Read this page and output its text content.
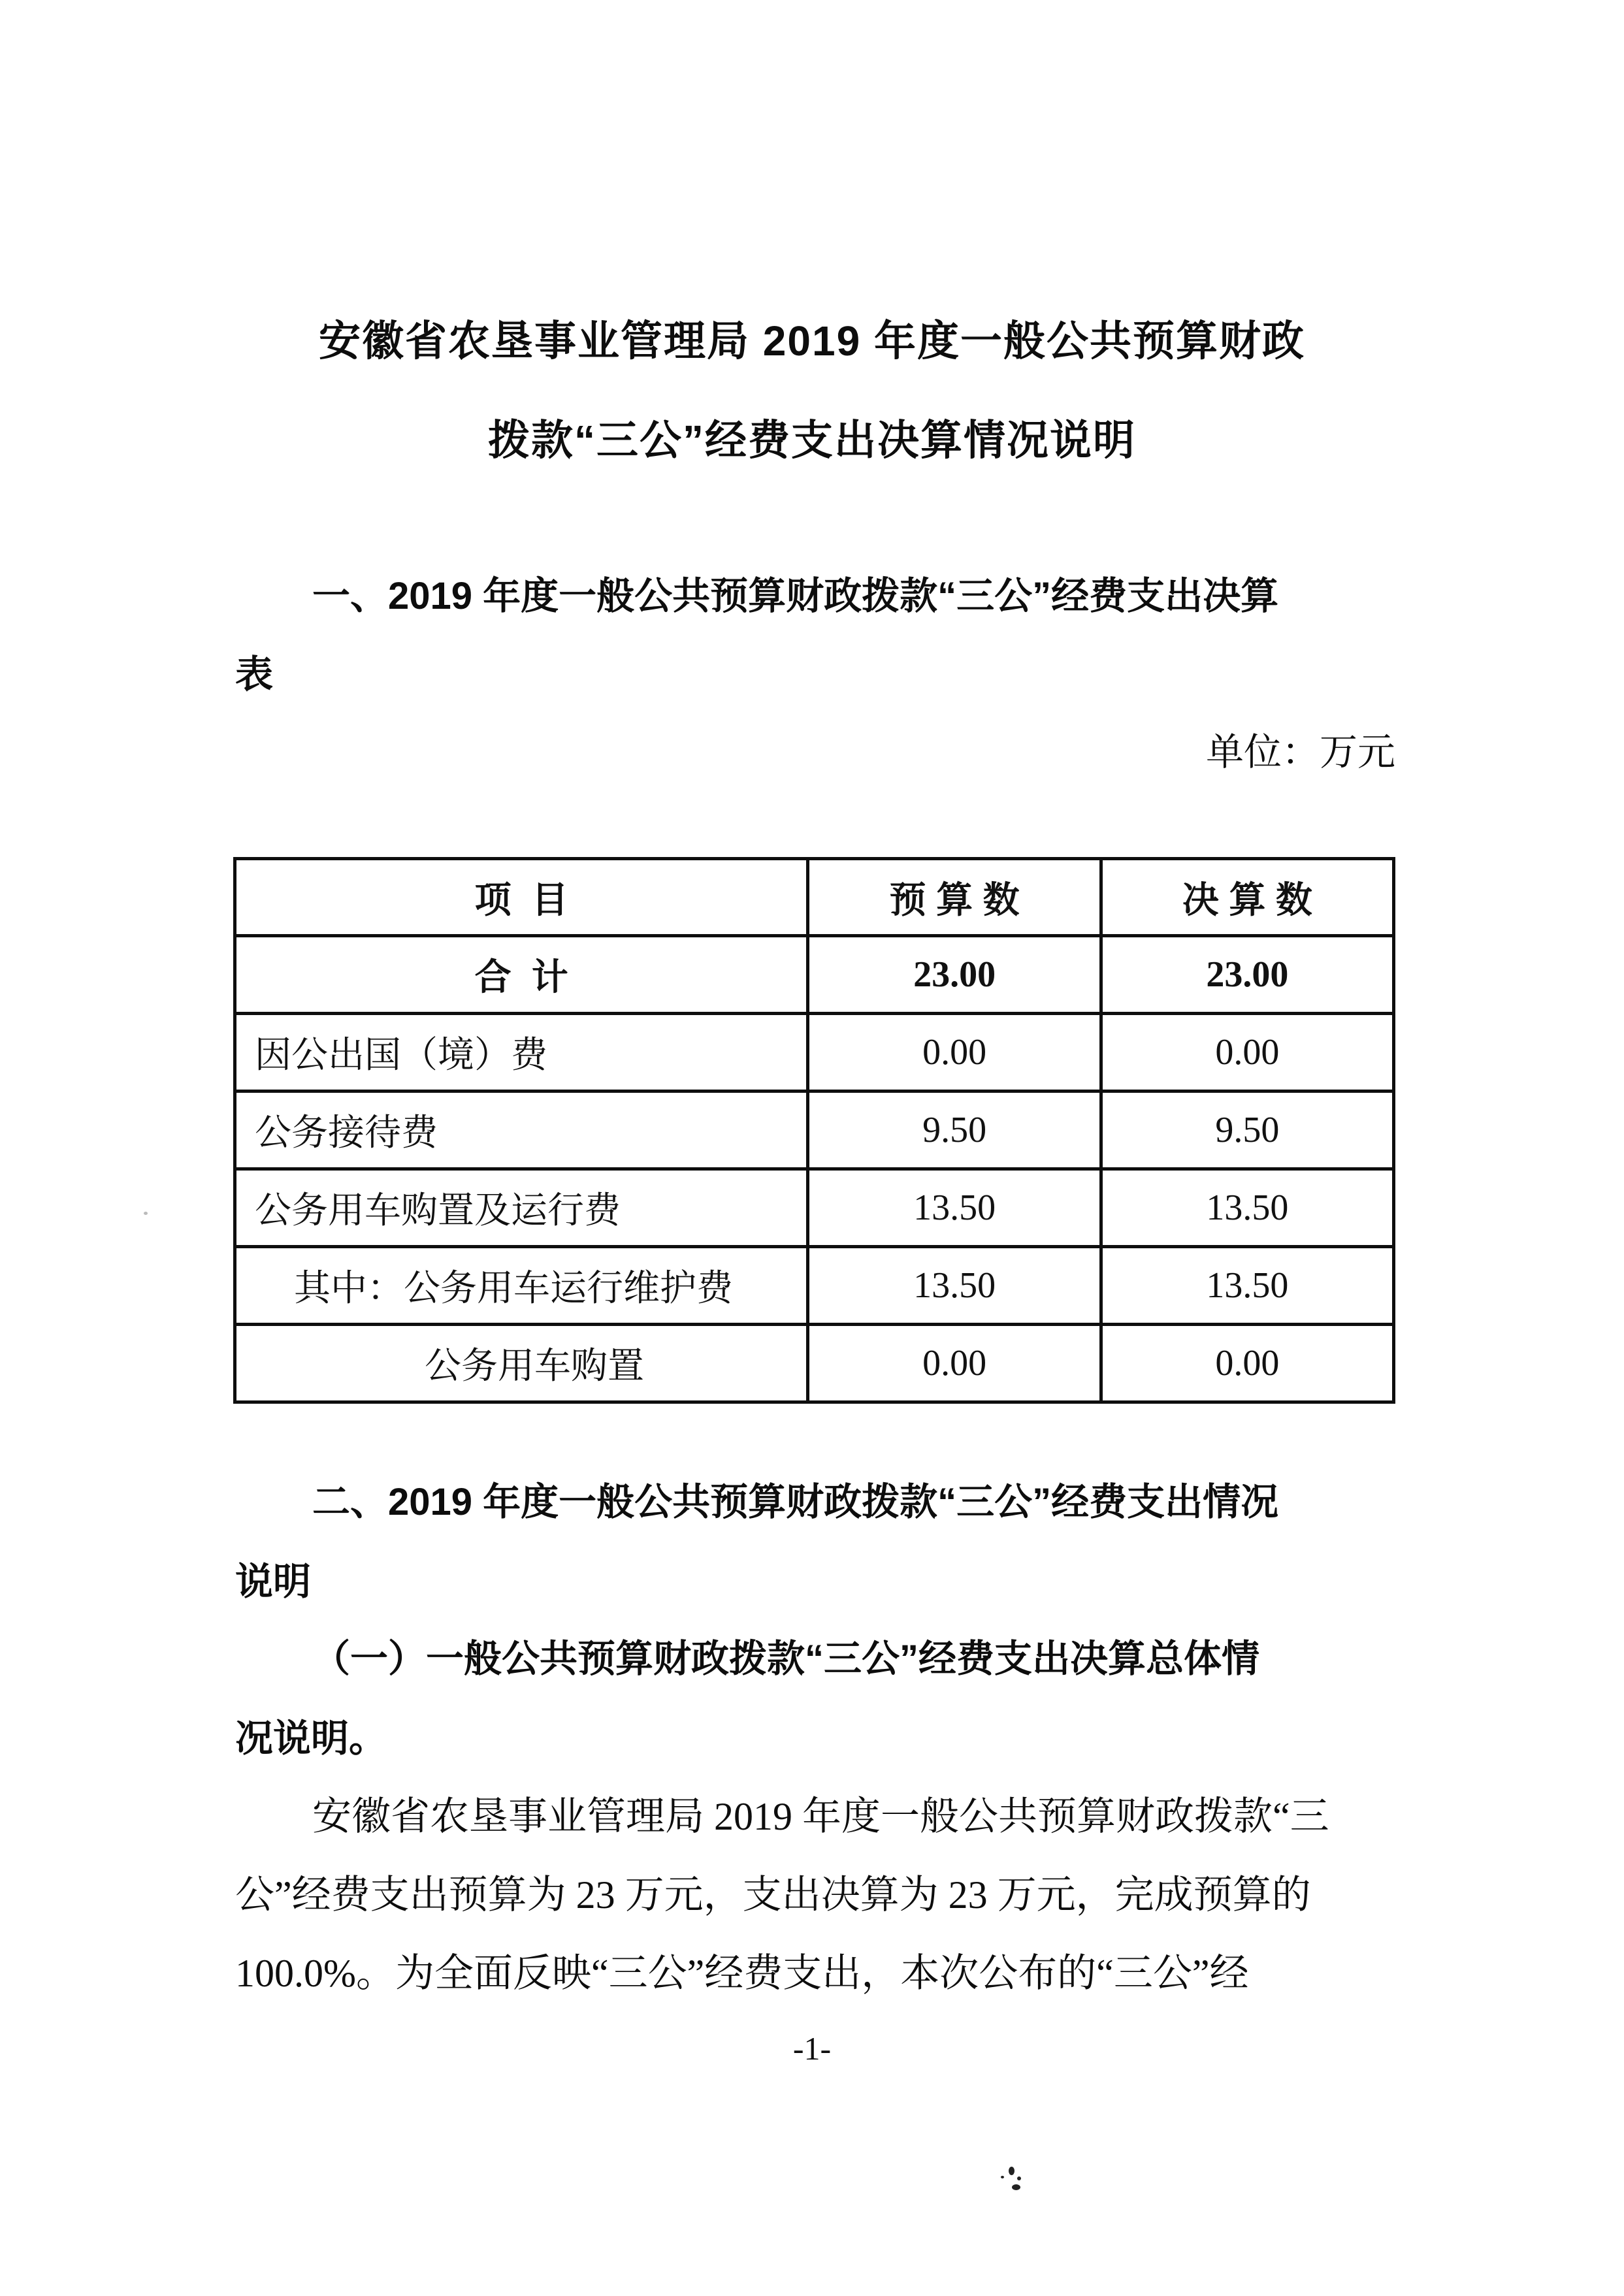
安徽省农垦事业管理局 2019 年度一般公共预算财政
拨款“三公”经费支出决算情况说明
一、2019 年度一般公共预算财政拨款“三公”经费支出决算
表
单位：万元
项  目	预 算 数	决 算 数
合  计	23.00	23.00
因公出国（境）费	0.00	0.00
公务接待费	9.50	9.50
公务用车购置及运行费	13.50	13.50
其中：公务用车运行维护费	13.50	13.50
公务用车购置	0.00	0.00
二、2019 年度一般公共预算财政拨款“三公”经费支出情况
说明
（一）一般公共预算财政拨款“三公”经费支出决算总体情
况说明。
安徽省农垦事业管理局 2019 年度一般公共预算财政拨款“三
公”经费支出预算为 23 万元，支出决算为 23 万元，完成预算的
100.0%。为全面反映“三公”经费支出，本次公布的“三公”经
-1-
